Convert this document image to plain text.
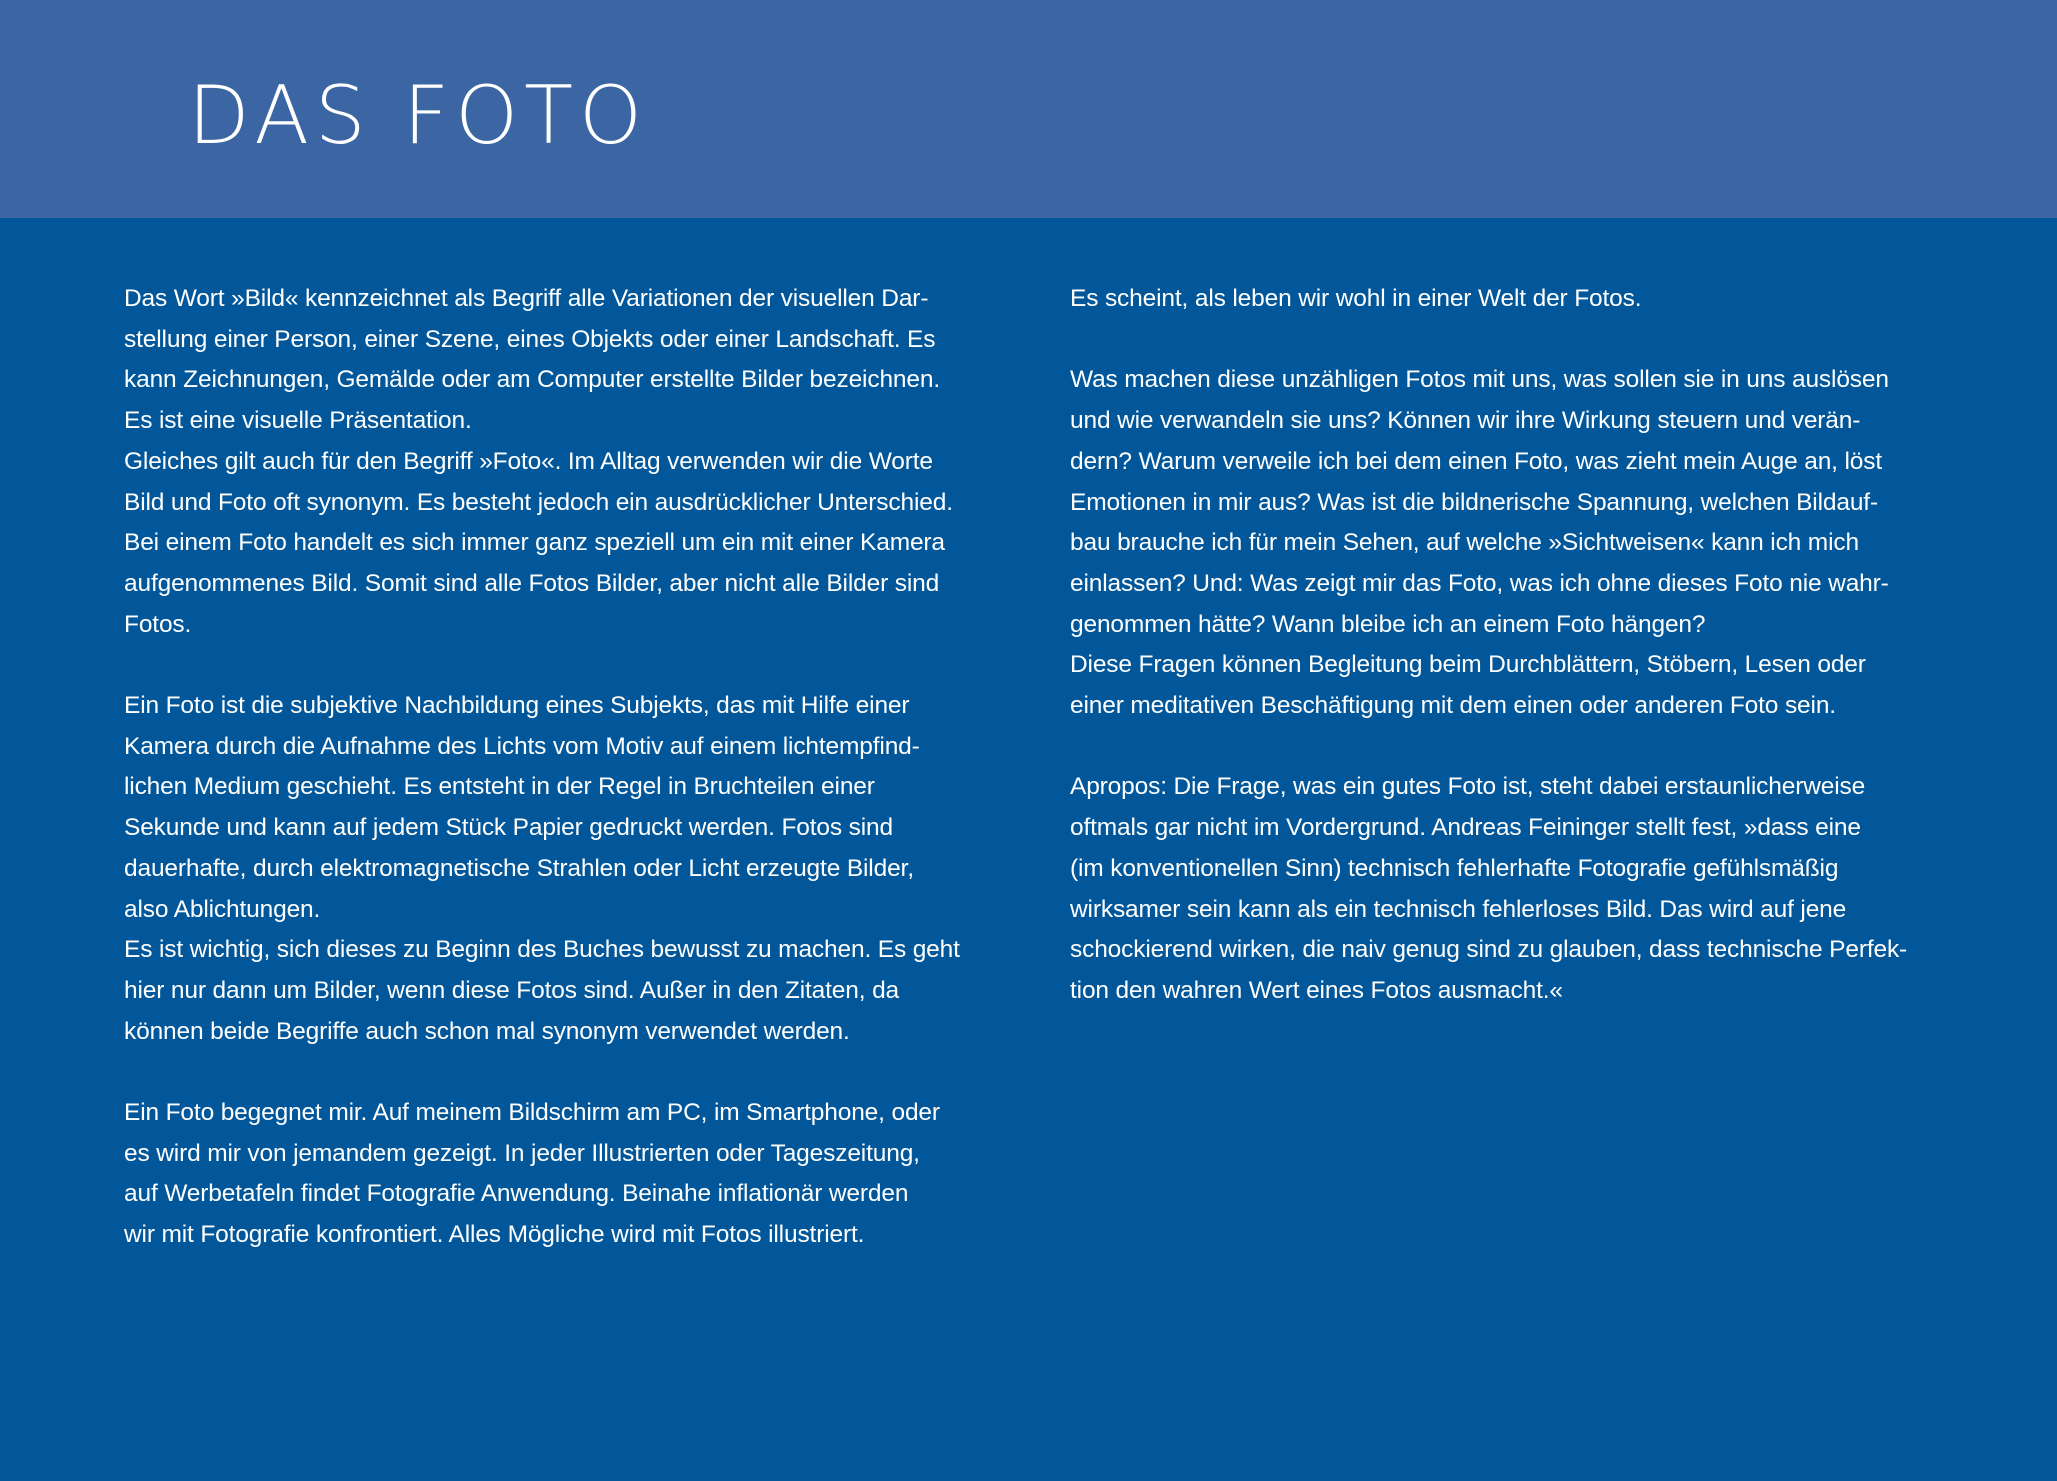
DAS FOTO

Das Wort »Bild« kennzeichnet als Begriff alle Variationen der visuellen Dar-
stellung einer Person, einer Szene, eines Objekts oder einer Landschaft. Es
kann Zeichnungen, Gemälde oder am Computer erstellte Bilder bezeichnen.
Es ist eine visuelle Präsentation.

Gleiches gilt auch für den Begriff »Foto«. Im Alltag verwenden wir die Worte
Bild und Foto oft synonym. Es besteht jedoch ein ausdrücklicher Unterschied.
Bei einem Foto handelt es sich immer ganz speziell um ein mit einer Kamera
aufgenommenes Bild. Somit sind alle Fotos Bilder, aber nicht alle Bilder sind
Fotos.

Ein Foto ist die subjektive Nachbildung eines Subjekts, das mit Hilfe einer
Kamera durch die Aufnahme des Lichts vom Motiv auf einem lichtempfind-
lichen Medium geschieht. Es entsteht in der Regel in Bruchteilen einer
Sekunde und kann auf jedem Stück Papier gedruckt werden. Fotos sind
dauerhafte, durch elektromagnetische Strahlen oder Licht erzeugte Bilder,
also Ablichtungen.

Es ist wichtig, sich dieses zu Beginn des Buches bewusst zu machen. Es geht
hier nur dann um Bilder, wenn diese Fotos sind. Außer in den Zitaten, da
können beide Begriffe auch schon mal synonym verwendet werden.

Ein Foto begegnet mir. Auf meinem Bildschirm am PC, im Smartphone, oder
es wird mir von jemandem gezeigt. In jeder Illustrierten oder Tageszeitung,
auf Werbetafeln findet Fotografie Anwendung. Beinahe inflationär werden
wir mit Fotografie konfrontiert. Alles Mögliche wird mit Fotos illustriert.

Es scheint, als leben wir wohl in einer Welt der Fotos.

Was machen diese unzähligen Fotos mit uns, was sollen sie in uns auslösen
und wie verwandeln sie uns? Können wir ihre Wirkung steuern und verän-
dern? Warum verweile ich bei dem einen Foto, was zieht mein Auge an, löst
Emotionen in mir aus? Was ist die bildnerische Spannung, welchen Bildauf-
bau brauche ich für mein Sehen, auf welche »Sichtweisen« kann ich mich
einlassen? Und: Was zeigt mir das Foto, was ich ohne dieses Foto nie wahr-
genommen hätte? Wann bleibe ich an einem Foto hängen?

Diese Fragen können Begleitung beim Durchblättern, Stöbern, Lesen oder
einer meditativen Beschäftigung mit dem einen oder anderen Foto sein.

Apropos: Die Frage, was ein gutes Foto ist, steht dabei erstaunlicherweise
oftmals gar nicht im Vordergrund. Andreas Feininger stellt fest, »dass eine
(im konventionellen Sinn) technisch fehlerhafte Fotografie gefühlsmäßig
wirksamer sein kann als ein technisch fehlerloses Bild. Das wird auf jene
schockierend wirken, die naiv genug sind zu glauben, dass technische Perfek-
tion den wahren Wert eines Fotos ausmacht.«
